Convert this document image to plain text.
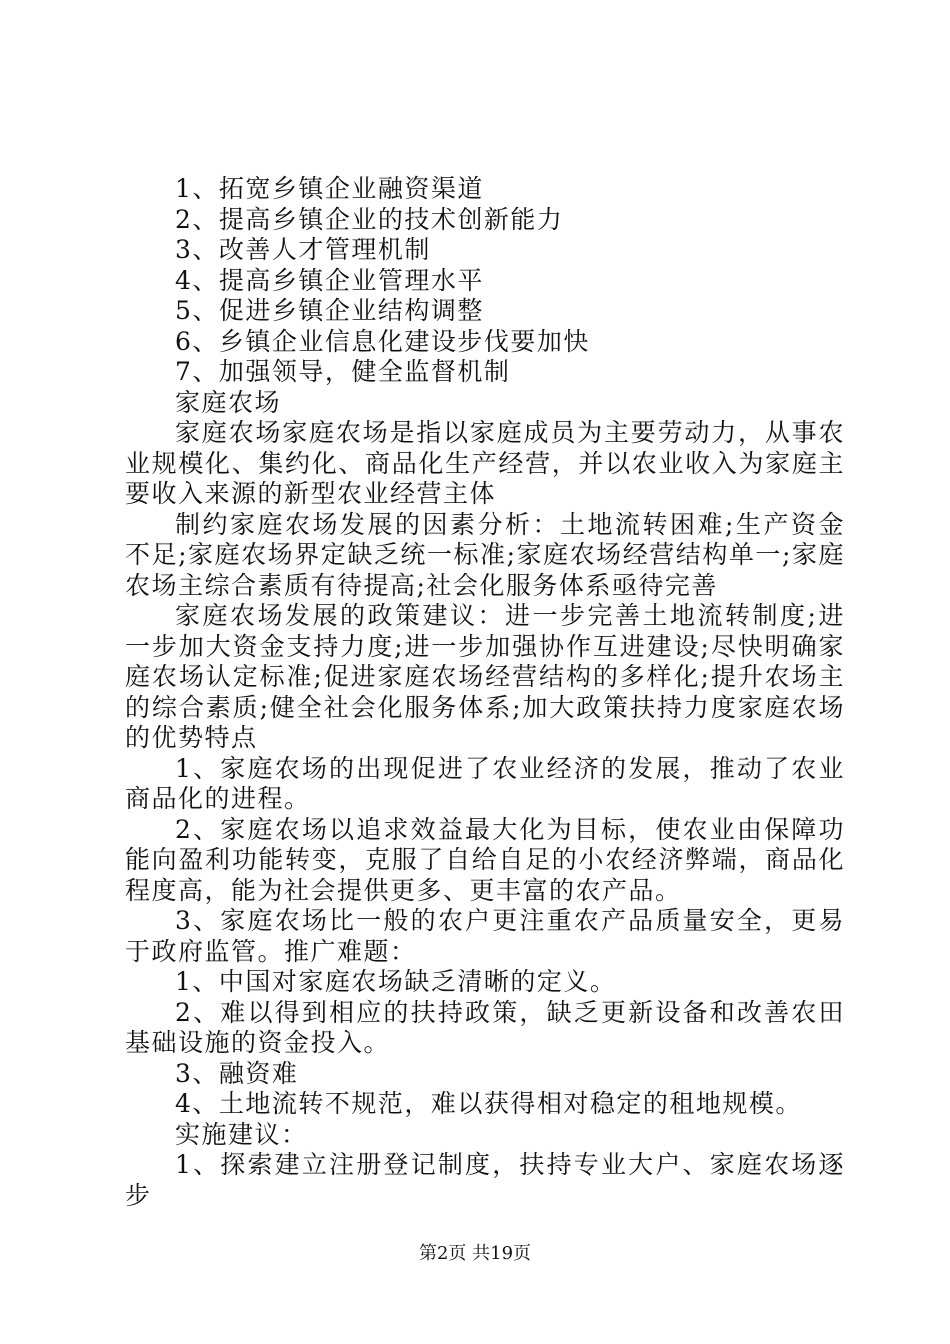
1、拓宽乡镇企业融资渠道

2、提高乡镇企业的技术创新能力

3、改善人才管理机制

4、提高乡镇企业管理水平

5、促进乡镇企业结构调整

6、乡镇企业信息化建设步伐要加快

7、加强领导，健全监督机制

家庭农场

家庭农场家庭农场是指以家庭成员为主要劳动力，从事农业规模化、集约化、商品化生产经营，并以农业收入为家庭主要收入来源的新型农业经营主体

制约家庭农场发展的因素分析：土地流转困难;生产资金不足;家庭农场界定缺乏统一标准;家庭农场经营结构单一;家庭农场主综合素质有待提高;社会化服务体系亟待完善

家庭农场发展的政策建议：进一步完善土地流转制度;进一步加大资金支持力度;进一步加强协作互进建设;尽快明确家庭农场认定标准;促进家庭农场经营结构的多样化;提升农场主的综合素质;健全社会化服务体系;加大政策扶持力度家庭农场的优势特点

1、家庭农场的出现促进了农业经济的发展，推动了农业商品化的进程。

2、家庭农场以追求效益最大化为目标，使农业由保障功能向盈利功能转变，克服了自给自足的小农经济弊端，商品化程度高，能为社会提供更多、更丰富的农产品。

3、家庭农场比一般的农户更注重农产品质量安全，更易于政府监管。推广难题：

1、中国对家庭农场缺乏清晰的定义。

2、难以得到相应的扶持政策，缺乏更新设备和改善农田基础设施的资金投入。

3、融资难

4、土地流转不规范，难以获得相对稳定的租地规模。

实施建议：

1、探索建立注册登记制度，扶持专业大户、家庭农场逐步

第2页 共19页
